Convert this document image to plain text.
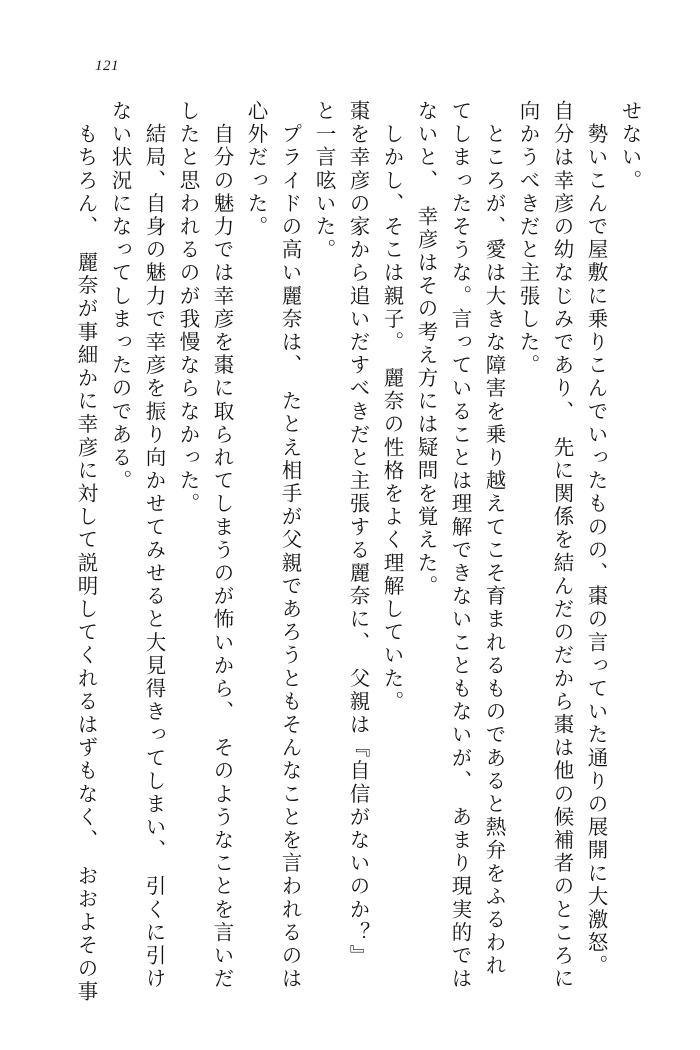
121
せない。
　勢いこんで屋敷に乗りこんでいったものの、棗の言っていた通りの展開に大激怒。
自分は幸彦の幼なじみであり、　先に関係を結んだのだから棗は他の候補者のところに
向かうべきだと主張した。
　ところが、愛は大きな障害を乗り越えてこそ育まれるものであると熱弁をふるわれ
てしまったそうな。言っていることは理解できないこともないが、　あまり現実的では
ないと、　幸彦はその考え方には疑問を覚えた。
　しかし、そこは親子。　麗奈の性格をよく理解していた。
棗を幸彦の家から追いだすべきだと主張する麗奈に、　父親は『自信がないのか？』
と一言呟いた。
　プライドの高い麗奈は、　たとえ相手が父親であろうともそんなことを言われるのは
心外だった。
　自分の魅力では幸彦を棗に取られてしまうのが怖いから、　そのようなことを言いだ
したと思われるのが我慢ならなかった。
　結局、自身の魅力で幸彦を振り向かせてみせると大見得きってしまい、　引くに引け
ない状況になってしまったのである。
　もちろん、　麗奈が事細かに幸彦に対して説明してくれるはずもなく、　おおよその事
